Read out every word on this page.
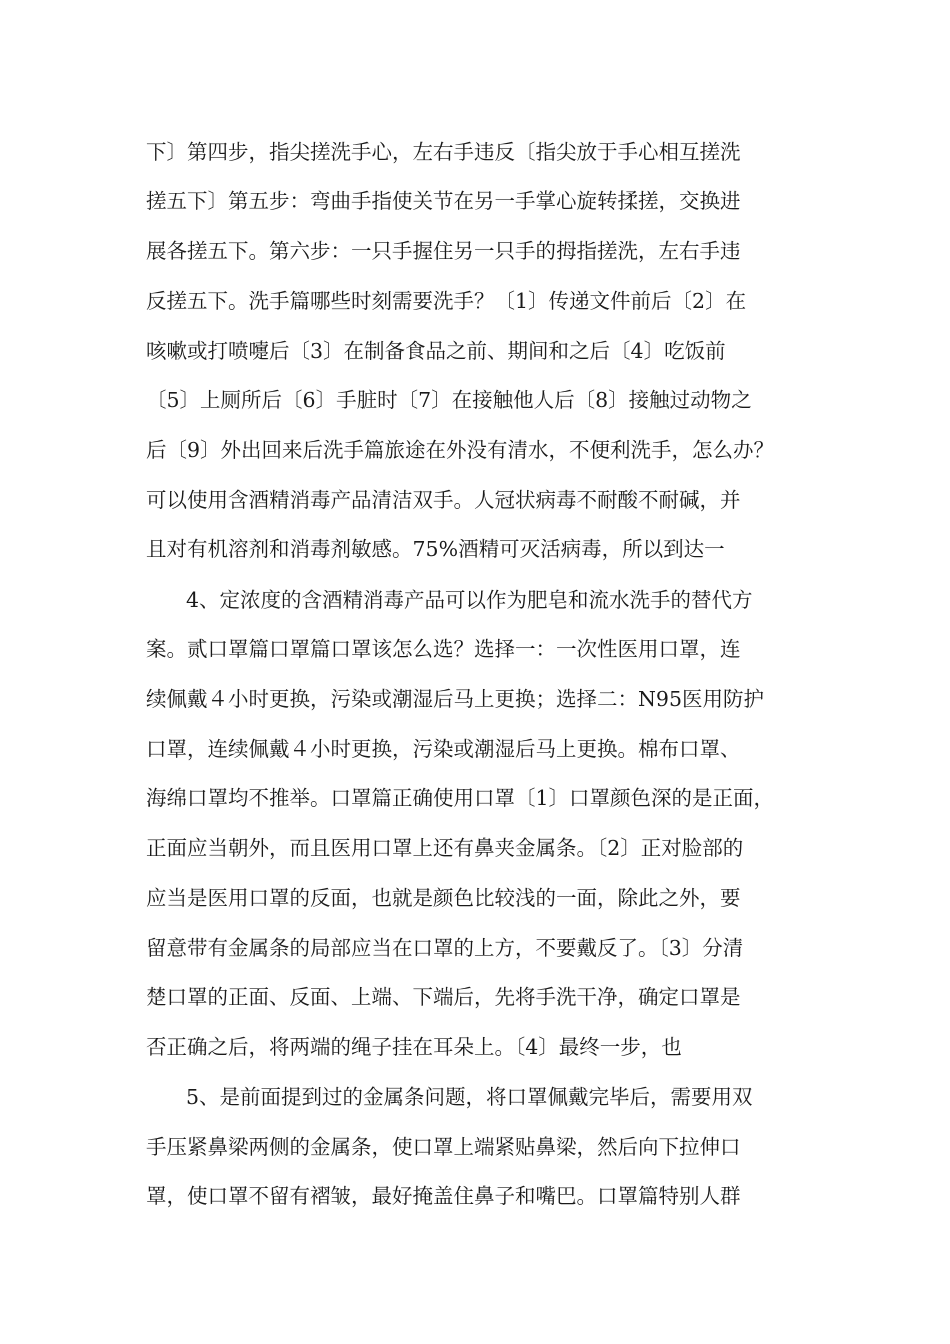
下〕第四步，指尖搓洗手心，左右手违反〔指尖放于手心相互搓洗
搓五下〕第五步：弯曲手指使关节在另一手掌心旋转揉搓，交换进
展各搓五下。第六步：一只手握住另一只手的拇指搓洗，左右手违
反搓五下。洗手篇哪些时刻需要洗手？〔1〕传递文件前后〔2〕在
咳嗽或打喷嚏后〔3〕在制备食品之前、期间和之后〔4〕吃饭前
〔5〕上厕所后〔6〕手脏时〔7〕在接触他人后〔8〕接触过动物之
后〔9〕外出回来后洗手篇旅途在外没有清水，不便利洗手，怎么办？
可以使用含酒精消毒产品清洁双手。人冠状病毒不耐酸不耐碱，并
且对有机溶剂和消毒剂敏感。75%酒精可灭活病毒，所以到达一
4、定浓度的含酒精消毒产品可以作为肥皂和流水洗手的替代方
案。贰口罩篇口罩篇口罩该怎么选？选择一：一次性医用口罩，连
续佩戴４小时更换，污染或潮湿后马上更换；选择二：N95医用防护
口罩，连续佩戴４小时更换，污染或潮湿后马上更换。棉布口罩、
海绵口罩均不推举。口罩篇正确使用口罩〔1〕口罩颜色深的是正面，
正面应当朝外，而且医用口罩上还有鼻夹金属条。〔2〕正对脸部的
应当是医用口罩的反面，也就是颜色比较浅的一面，除此之外，要
留意带有金属条的局部应当在口罩的上方，不要戴反了。〔3〕分清
楚口罩的正面、反面、上端、下端后，先将手洗干净，确定口罩是
否正确之后，将两端的绳子挂在耳朵上。〔4〕最终一步，也
5、是前面提到过的金属条问题，将口罩佩戴完毕后，需要用双
手压紧鼻梁两侧的金属条，使口罩上端紧贴鼻梁，然后向下拉伸口
罩，使口罩不留有褶皱，最好掩盖住鼻子和嘴巴。口罩篇特别人群
